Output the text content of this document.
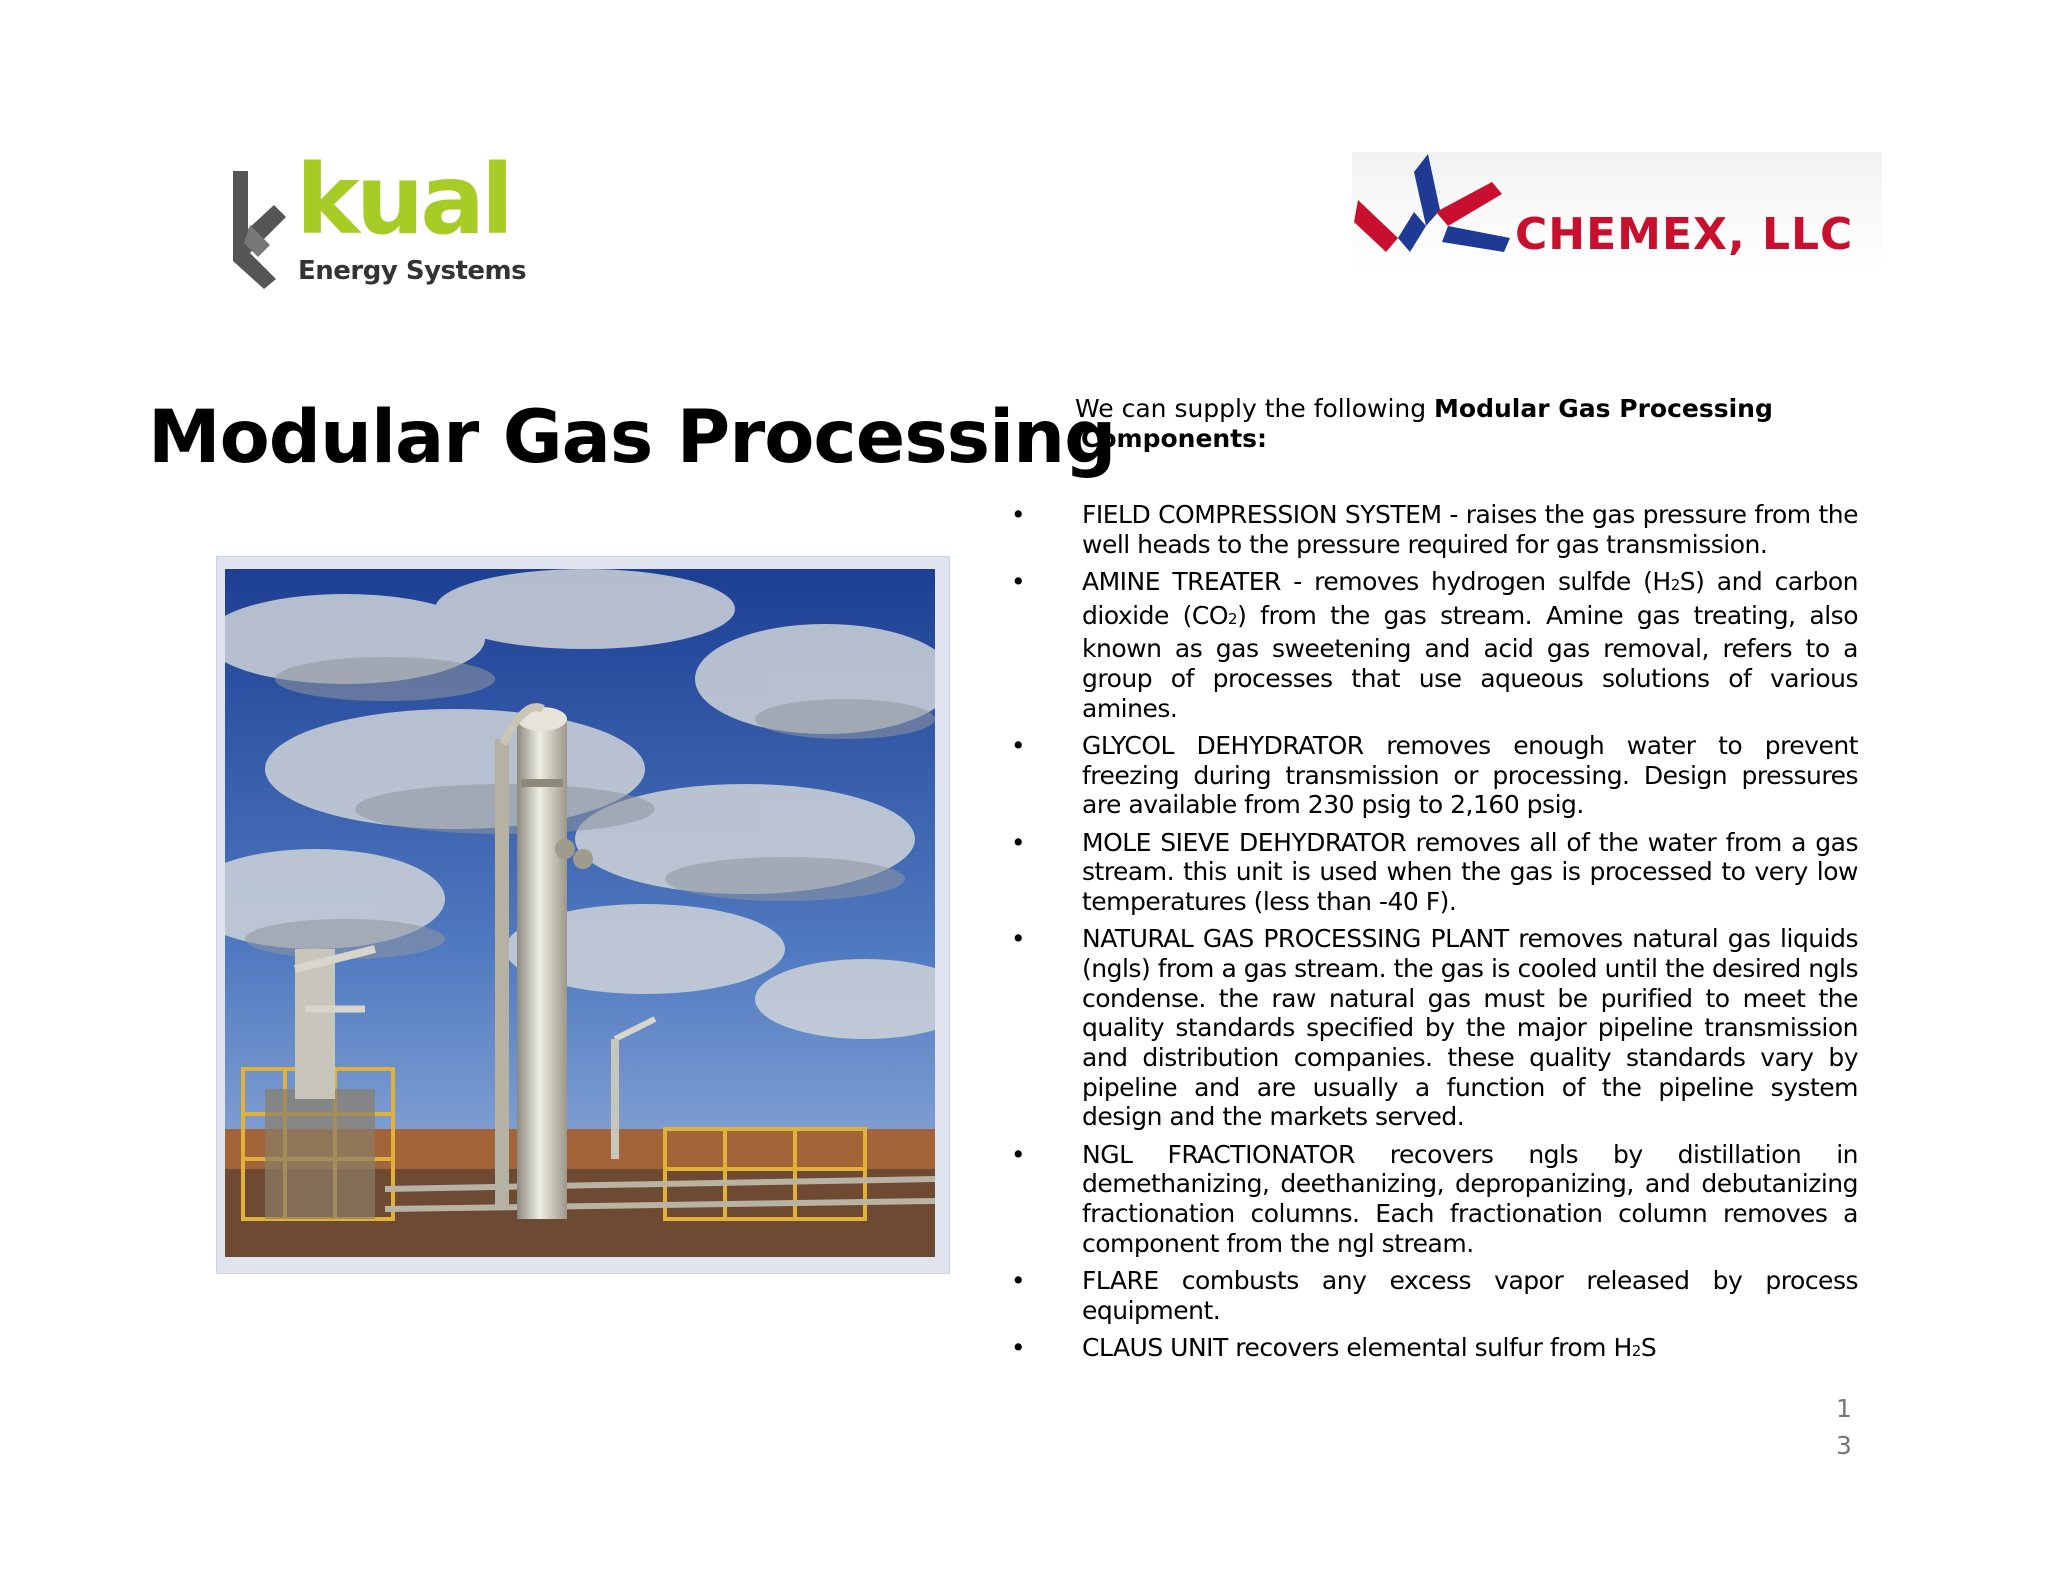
kual
Energy Systems
CHEMEX, LLC
Modular Gas Processing
We can supply the following Modular Gas Processing
Components:
• FIELD COMPRESSION SYSTEM - raises the gas pressure from the well heads to the pressure required for gas transmission.
• AMINE TREATER - removes hydrogen sulfde (H2S) and carbon dioxide (CO2) from the gas stream. Amine gas treating, also known as gas sweetening and acid gas removal, refers to a group of processes that use aqueous solutions of various amines.
• GLYCOL DEHYDRATOR removes enough water to prevent freezing during transmission or processing. Design pressures are available from 230 psig to 2,160 psig.
• MOLE SIEVE DEHYDRATOR removes all of the water from a gas stream. this unit is used when the gas is processed to very low temperatures (less than -40 F).
• NATURAL GAS PROCESSING PLANT removes natural gas liquids (ngls) from a gas stream. the gas is cooled until the desired ngls condense. the raw natural gas must be purified to meet the quality standards specified by the major pipeline transmission and distribution companies. these quality standards vary by pipeline and are usually a function of the pipeline system design and the markets served.
• NGL FRACTIONATOR recovers ngls by distillation in demethanizing, deethanizing, depropanizing, and debutanizing fractionation columns. Each fractionation column removes a component from the ngl stream.
• FLARE combusts any excess vapor released by process equipment.
• CLAUS UNIT recovers elemental sulfur from H2S
1
3
